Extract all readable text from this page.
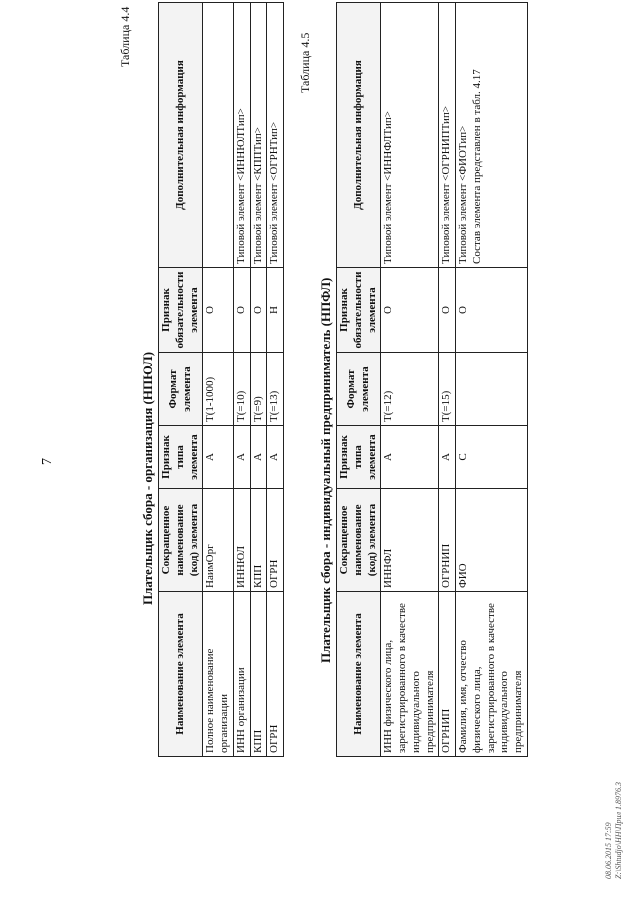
7
Таблица 4.4
Плательщик сбора - организация (НПЮЛ)
Наименование элемента	Сокращенное наименование (код) элемента	Признак типа элемента	Формат элемента	Признак обязательности элемента	Дополнительная информация
Полное наименование организации	НаимОрг	А	Т(1-1000)	О	
ИНН организации	ИННЮЛ	А	Т(=10)	О	Типовой элемент <ИННЮЛТип>
КПП	КПП	А	Т(=9)	О	Типовой элемент <КППТип>
ОГРН	ОГРН	А	Т(=13)	Н	Типовой элемент <ОГРНТип>
Таблица 4.5
Плательщик сбора - индивидуальный предприниматель (НПФЛ)
Наименование элемента	Сокращенное наименование (код) элемента	Признак типа элемента	Формат элемента	Признак обязательности элемента	Дополнительная информация
ИНН физического лица, зарегистрированного в качестве индивидуального предпринимателя	ИННФЛ	А	Т(=12)	О	Типовой элемент <ИННФЛТип>
ОГРНИП	ОГРНИП	А	Т(=15)	О	Типовой элемент <ОГРНИПТип>
Фамилия, имя, отчество физического лица, зарегистрированного в качестве индивидуального предпринимателя	ФИО	С		О	Типовой элемент <ФИОТип> Состав элемента представлен в табл. 4.17
08.06.2015 17:59 Z:\Shtudjo\НН\Прил 1.8976.3
